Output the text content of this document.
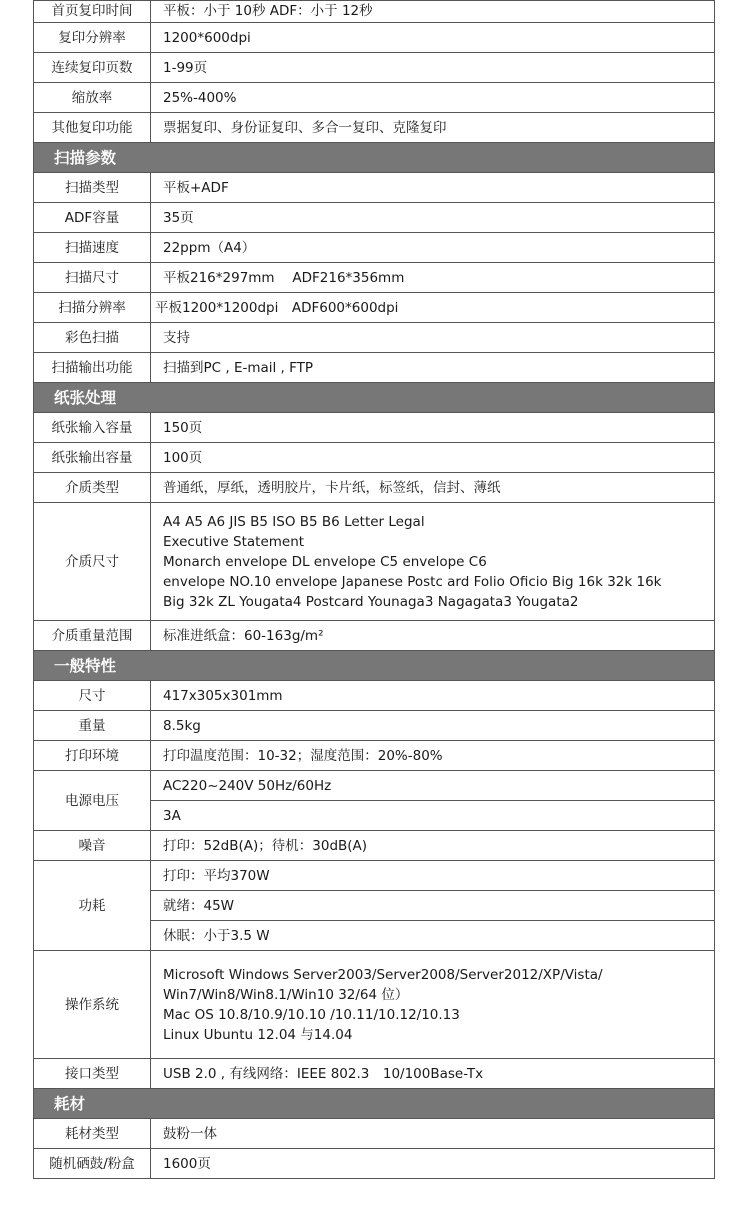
首页复印时间	平板：小于 10秒 ADF：小于 12秒
复印分辨率	1200*600dpi
连续复印页数	1-99页
缩放率	25%-400%
其他复印功能	票据复印、身份证复印、多合一复印、克隆复印
扫描参数	
扫描类型	平板+ADF
ADF容量	35页
扫描速度	22ppm（A4）
扫描尺寸	平板216*297mm　 ADF216*356mm
扫描分辨率	平板1200*1200dpi　ADF600*600dpi
彩色扫描	支持
扫描输出功能	扫描到PC , E-mail , FTP
纸张处理	
纸张输入容量	150页
纸张输出容量	100页
介质类型	普通纸，厚纸，透明胶片，卡片纸，标签纸，信封、薄纸
介质尺寸	A4 A5 A6 JIS B5 ISO B5 B6 Letter Legal
Executive Statement
Monarch envelope DL envelope C5 envelope C6
envelope NO.10 envelope Japanese Postc ard Folio Oficio Big 16k 32k 16k
Big 32k ZL Yougata4 Postcard Younaga3 Nagagata3 Yougata2

介质重量范围	标准进纸盒：60-163g/m²
一般特性	
尺寸	417x305x301mm
重量	8.5kg
打印环境	打印温度范围：10-32；湿度范围：20%-80%
电源电压	AC220~240V 50Hz/60Hz
	3A
噪音	打印：52dB(A)；待机：30dB(A)
功耗	打印：平均370W
	就绪：45W
	休眠：小于3.5 W
操作系统	Microsoft Windows Server2003/Server2008/Server2012/XP/Vista/
Win7/Win8/Win8.1/Win10 32/64 位）
Mac OS 10.8/10.9/10.10 /10.11/10.12/10.13
Linux Ubuntu 12.04 与14.04

接口类型	USB 2.0 , 有线网络：IEEE 802.3　10/100Base-Tx
耗材	
耗材类型	鼓粉一体
随机硒鼓/粉盒	1600页
